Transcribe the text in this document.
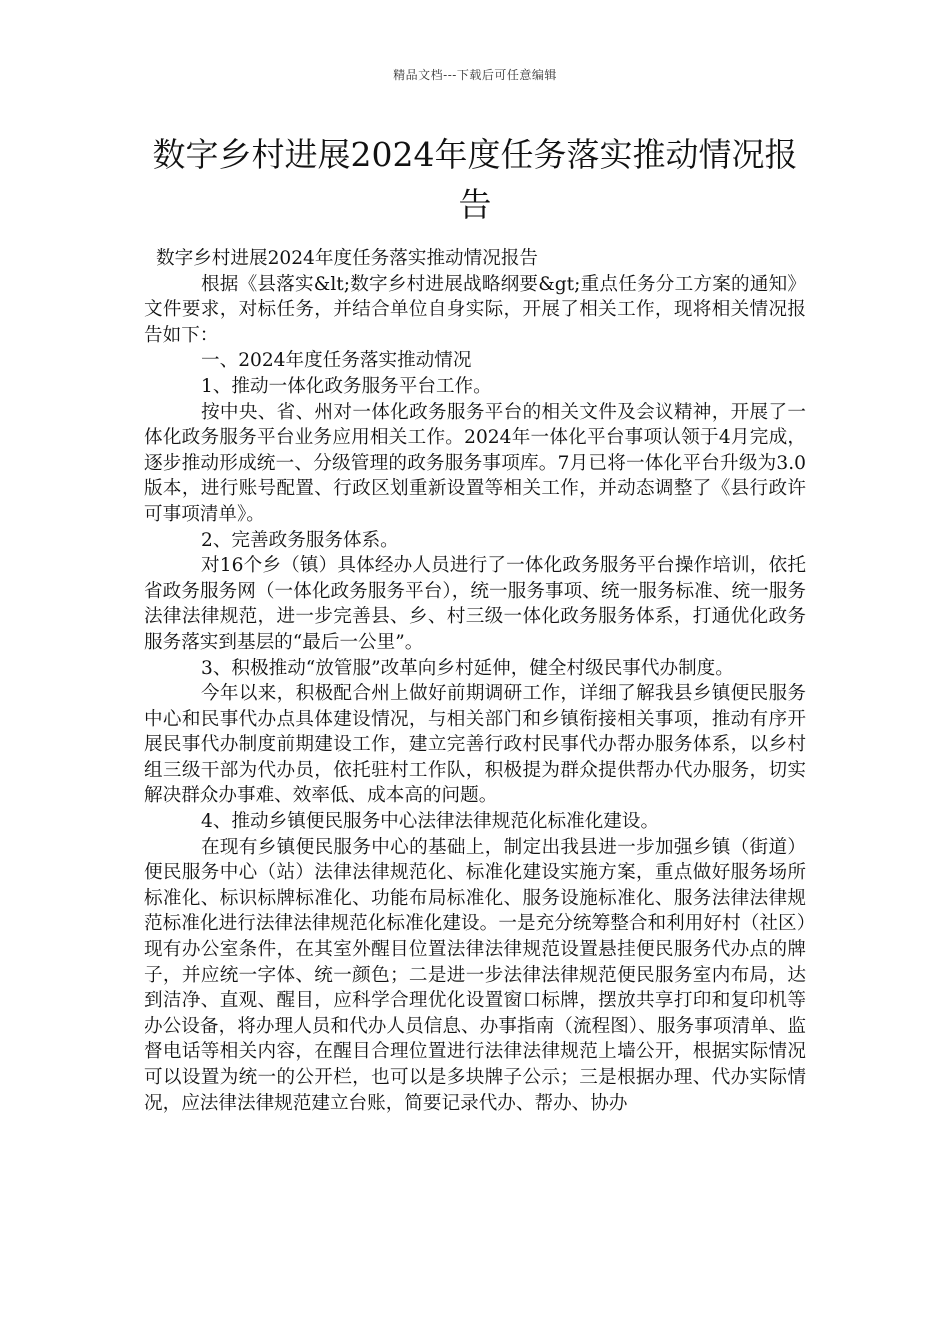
精品文档---下载后可任意编辑
数字乡村进展2024年度任务落实推动情况报告

数字乡村进展2024年度任务落实推动情况报告

根据《县落实&lt;数字乡村进展战略纲要&gt;重点任务分工方案的通知》文件要求，对标任务，并结合单位自身实际，开展了相关工作，现将相关情况报告如下：

一、2024年度任务落实推动情况

1、推动一体化政务服务平台工作。

按中央、省、州对一体化政务服务平台的相关文件及会议精神，开展了一体化政务服务平台业务应用相关工作。2024年一体化平台事项认领于4月完成，逐步推动形成统一、分级管理的政务服务事项库。7月已将一体化平台升级为3.0版本，进行账号配置、行政区划重新设置等相关工作，并动态调整了《县行政许可事项清单》。

2、完善政务服务体系。

对16个乡（镇）具体经办人员进行了一体化政务服务平台操作培训，依托省政务服务网（一体化政务服务平台），统一服务事项、统一服务标准、统一服务法律法律规范，进一步完善县、乡、村三级一体化政务服务体系，打通优化政务服务落实到基层的“最后一公里”。

3、积极推动“放管服”改革向乡村延伸，健全村级民事代办制度。

今年以来，积极配合州上做好前期调研工作，详细了解我县乡镇便民服务中心和民事代办点具体建设情况，与相关部门和乡镇衔接相关事项，推动有序开展民事代办制度前期建设工作，建立完善行政村民事代办帮办服务体系，以乡村组三级干部为代办员，依托驻村工作队，积极提为群众提供帮办代办服务，切实解决群众办事难、效率低、成本高的问题。

4、推动乡镇便民服务中心法律法律规范化标准化建设。

在现有乡镇便民服务中心的基础上，制定出我县进一步加强乡镇（街道）便民服务中心（站）法律法律规范化、标准化建设实施方案，重点做好服务场所标准化、标识标牌标准化、功能布局标准化、服务设施标准化、服务法律法律规范标准化进行法律法律规范化标准化建设。一是充分统筹整合和利用好村（社区）现有办公室条件，在其室外醒目位置法律法律规范设置悬挂便民服务代办点的牌子，并应统一字体、统一颜色；二是进一步法律法律规范便民服务室内布局，达到洁净、直观、醒目，应科学合理优化设置窗口标牌，摆放共享打印和复印机等办公设备，将办理人员和代办人员信息、办事指南（流程图）、服务事项清单、监督电话等相关内容，在醒目合理位置进行法律法律规范上墙公开，根据实际情况可以设置为统一的公开栏，也可以是多块牌子公示；三是根据办理、代办实际情况，应法律法律规范建立台账，简要记录代办、帮办、协办
